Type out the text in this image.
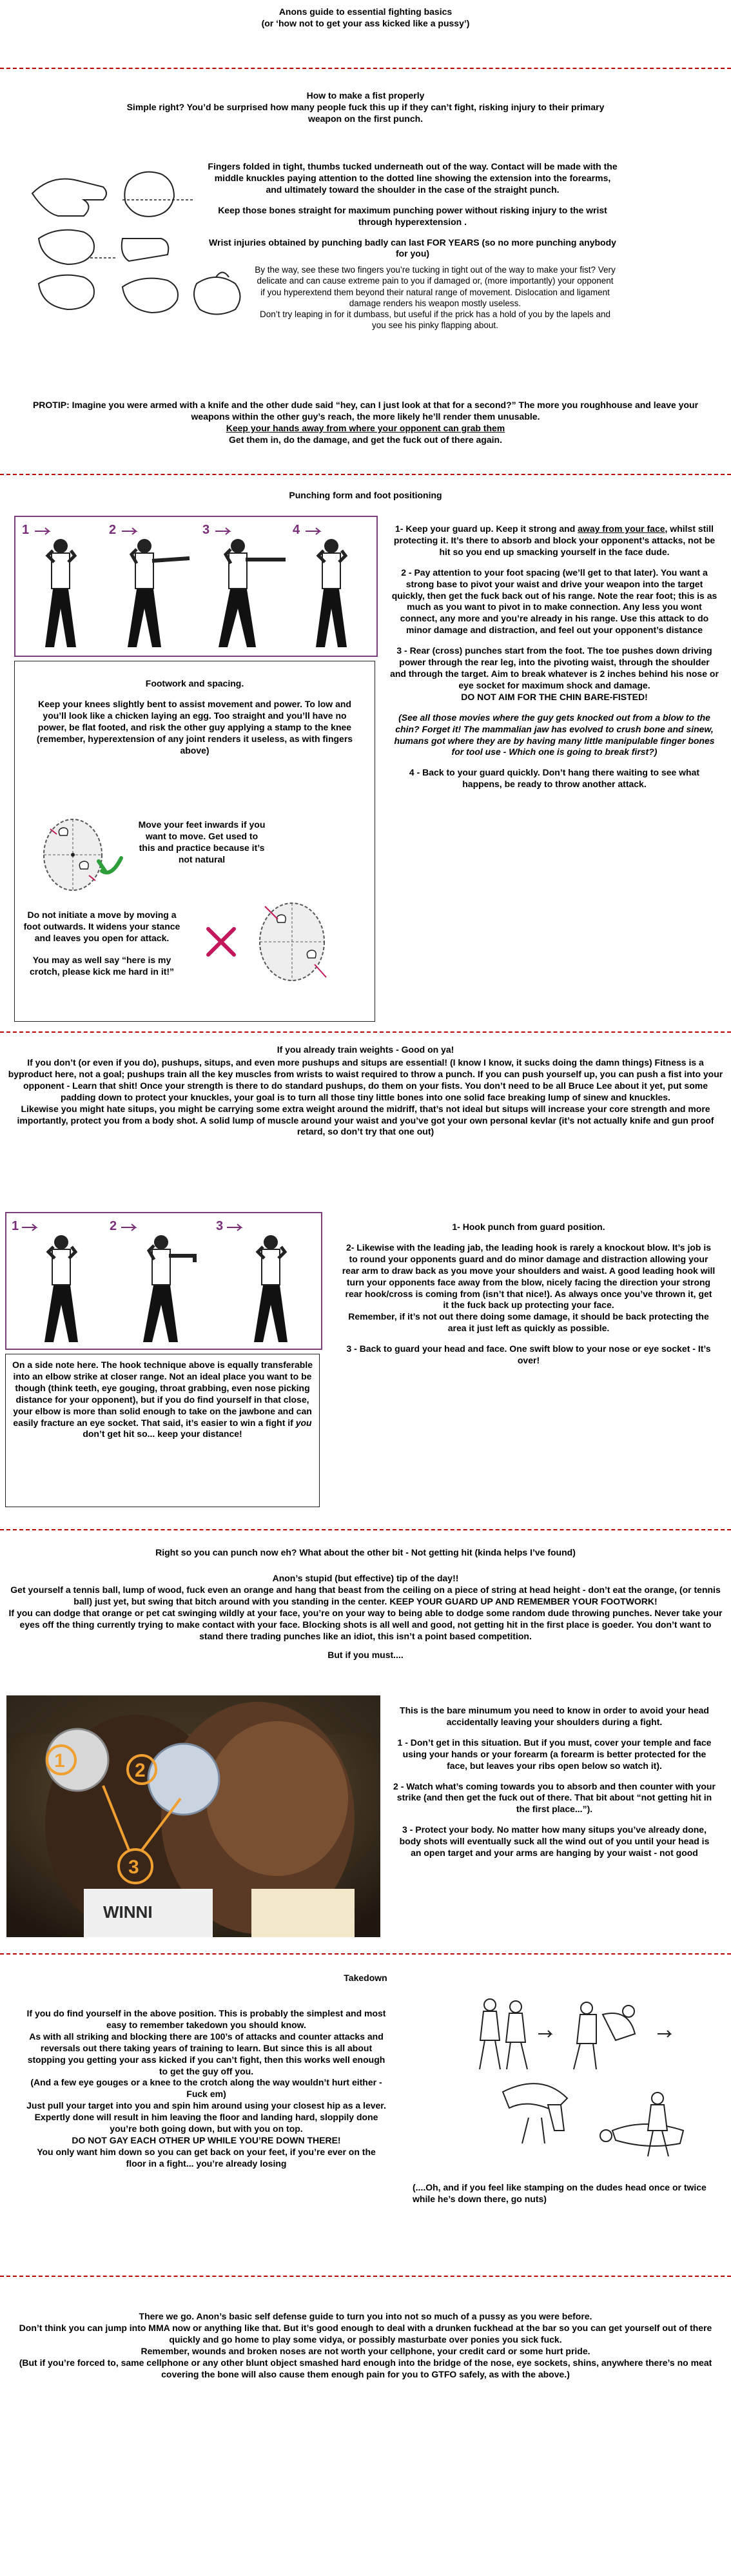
Anons guide to essential fighting basics
(or ‘how not to get your ass kicked like a pussy’)
How to make a fist properly
Simple right? You’d be surprised how many people fuck this up if they can’t fight, risking injury to their primary weapon on the first punch.

Fingers folded in tight, thumbs tucked underneath out of the way. Contact will be made with the middle knuckles paying attention to the dotted line showing the extension into the forearms, and ultimately toward the shoulder in the case of the straight punch.

Keep those bones straight for maximum punching power without risking injury to the wrist through hyperextension .

Wrist injuries obtained by punching badly can last FOR YEARS (so no more punching anybody for you)

By the way, see these two fingers you’re tucking in tight out of the way to make your fist? Very delicate and can cause extreme pain to you if damaged or, (more importantly) your opponent if you hyperextend them beyond their natural range of movement. Dislocation and ligament damage renders his weapon mostly useless.
Don’t try leaping in for it dumbass, but useful if the prick has a hold of you by the lapels and you see his pinky flapping about.
PROTIP: Imagine you were armed with a knife and the other dude said “hey, can I just look at that for a second?” The more you roughhouse and leave your weapons within the other guy’s reach, the more likely he’ll render them unusable.
Keep your hands away from where your opponent can grab them
Get them in, do the damage, and get the fuck out of there again.
Punching form and foot positioning
1	2	3	4	1- Keep your guard up. Keep it strong and away from your face, whilst still protecting it. It’s there to absorb and block your opponent’s attacks, not be hit so you end up smacking yourself in the face dude.

2 - Pay attention to your foot spacing (we’ll get to that later). You want a strong base to pivot your waist and drive your weapon into the target quickly, then get the fuck back out of his range. Note the rear foot; this is as much as you want to pivot in to make connection. Any less you wont connect, any more and you’re already in his range. Use this attack to do minor damage and distraction, and feel out your opponent’s distance

3 - Rear (cross) punches start from the foot. The toe pushes down driving power through the rear leg, into the pivoting waist, through the shoulder and through the target. Aim to break whatever is 2 inches behind his nose or eye socket for maximum shock and damage.

DO NOT AIM FOR THE CHIN BARE-FISTED!

(See all those movies where the guy gets knocked out from a blow to the chin? Forget it! The mammalian jaw has evolved to crush bone and sinew, humans got where they are by having many little manipulable finger bones for tool use - Which one is going to break first?)

4 - Back to your guard quickly. Don’t hang there waiting to see what happens, be ready to throw another attack.

Footwork and spacing.
Keep your knees slightly bent to assist movement and power. To low and you’ll look like a chicken laying an egg. Too straight and you’ll have no power, be flat footed, and risk the other guy applying a stamp to the knee (remember, hyperextension of any joint renders it useless, as with fingers above)
Move your feet inwards if you want to move. Get used to this and practice because it’s not natural
Do not initiate a move by moving a foot outwards. It widens your stance and leaves you open for attack.
You may as well say “here is my crotch, please kick me hard in it!”
If you already train weights - Good on ya!
If you don’t (or even if you do), pushups, situps, and even more pushups and situps are essential! (I know I know, it sucks doing the damn things) Fitness is a byproduct here, not a goal; pushups train all the key muscles from wrists to waist required to throw a punch. If you can push yourself up, you can push a fist into your opponent - Learn that shit! Once your strength is there to do standard pushups, do them on your fists. You don’t need to be all Bruce Lee about it yet, put some padding down to protect your knuckles, your goal is to turn all those tiny little bones into one solid face breaking lump of sinew and knuckles.
Likewise you might hate situps, you might be carrying some extra weight around the midriff, that’s not ideal but situps will increase your core strength and more importantly, protect you from a body shot. A solid lump of muscle around your waist and you’ve got your own personal kevlar (it’s not actually knife and gun proof retard, so don’t try that one out)
1	2	3
On a side note here. The hook technique above is equally transferable into an elbow strike at closer range. Not an ideal place you want to be though (think teeth, eye gouging, throat grabbing, even nose picking distance for your opponent), but if you do find yourself in that close, your elbow is more than solid enough to take on the jawbone and can easily fracture an eye socket. That said, it’s easier to win a fight if you don’t get hit so... keep your distance!

1- Hook punch from guard position.

2- Likewise with the leading jab, the leading hook is rarely a knockout blow. It’s job is to round your opponents guard and do minor damage and distraction allowing your rear arm to draw back as you move your shoulders and waist. A good leading hook will turn your opponents face away from the blow, nicely facing the direction your strong rear hook/cross is coming from (isn’t that nice!). As always once you’ve thrown it, get it the fuck back up protecting your face.

Remember, if it’s not out there doing some damage, it should be back protecting the area it just left as quickly as possible.

3 - Back to guard your head and face. One swift blow to your nose or eye socket - It’s over!

Right so you can punch now eh? What about the other bit - Not getting hit (kinda helps I’ve found)
Anon’s stupid (but effective) tip of the day!!
Get yourself a tennis ball, lump of wood, fuck even an orange and hang that beast from the ceiling on a piece of string at head height - don’t eat the orange, (or tennis ball) just yet, but swing that bitch around with you standing in the center. KEEP YOUR GUARD UP AND REMEMBER YOUR FOOTWORK!
If you can dodge that orange or pet cat swinging wildly at your face, you’re on your way to being able to dodge some random dude throwing punches. Never take your eyes off the thing currently trying to make contact with your face. Blocking shots is all well and good, not getting hit in the first place is goeder. You don’t want to stand there trading punches like an idiot, this isn’t a point based competition.
But if you must....
WINNI
1	2
3

This is the bare minumum you need to know in order to avoid your head accidentally leaving your shoulders during a fight.

1 - Don’t get in this situation. But if you must, cover your temple and face using your hands or your forearm (a forearm is better protected for the face, but leaves your ribs open below so watch it).

2 - Watch what’s coming towards you to absorb and then counter with your strike (and then get the fuck out of there. That bit about “not getting hit in the first place...”).

3 - Protect your body. No matter how many situps you’ve already done, body shots will eventually suck all the wind out of you until your head is an open target and your arms are hanging by your waist - not good

Takedown
If you do find yourself in the above position. This is probably the simplest and most easy to remember takedown you should know.
As with all striking and blocking there are 100’s of attacks and counter attacks and reversals out there taking years of training to learn. But since this is all about stopping you getting your ass kicked if you can’t fight, then this works well enough to get the guy off you.
(And a few eye gouges or a knee to the crotch along the way wouldn’t hurt either - Fuck em)
Just pull your target into you and spin him around using your closest hip as a lever.
Expertly done will result in him leaving the floor and landing hard, sloppily done you’re both going down, but with you on top.
DO NOT GAY EACH OTHER UP WHILE YOU’RE DOWN THERE!
You only want him down so you can get back on your feet, if you’re ever on the floor in a fight... you’re already losing
(....Oh, and if you feel like stamping on the dudes head once or twice while he’s down there, go nuts)
There we go. Anon’s basic self defense guide to turn you into not so much of a pussy as you were before.
Don’t think you can jump into MMA now or anything like that. But it’s good enough to deal with a drunken fuckhead at the bar so you can get yourself out of there quickly and go home to play some vidya, or possibly masturbate over ponies you sick fuck.
Remember, wounds and broken noses are not worth your cellphone, your credit card or some hurt pride.
(But if you’re forced to, same cellphone or any other blunt object smashed hard enough into the bridge of the nose, eye sockets, shins, anywhere there’s no meat covering the bone will also cause them enough pain for you to GTFO safely, as with the above.)
